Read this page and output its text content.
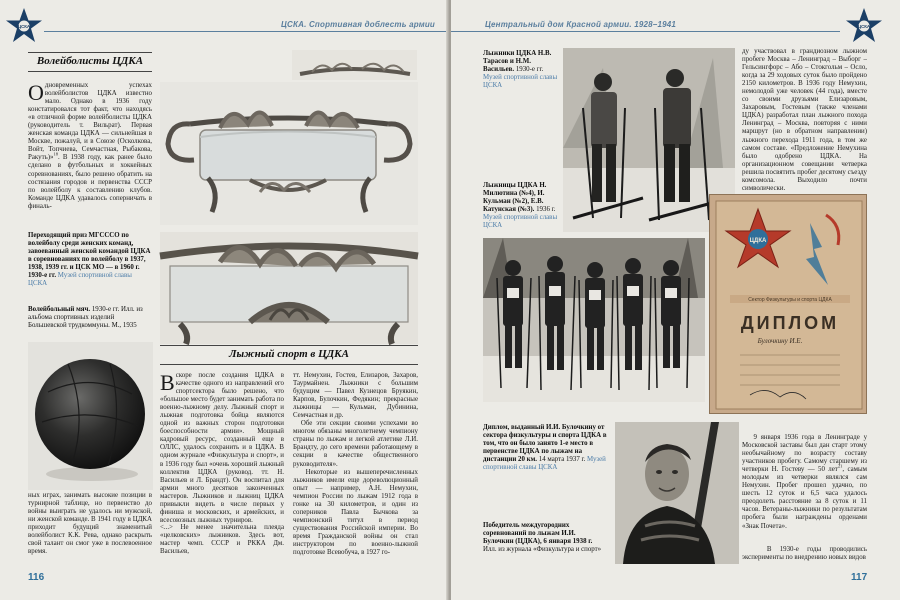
ЦСКА	ЦСКА. Спортивная доблесть армии
Волейболисты ЦДКА
Одновременных успехах волейболистов ЦДКА известно мало. Однако в 1936 году констатировался тот факт, что находясь «в отличной форме волейболисты ЦДКА (руководитель т. Вильрат). Первая женская команда ЦДКА — сильнейшая в Москве, пожалуй, и в Союзе (Осколкова, Войт, Топчиева, Семчастная, Рыбакова, Ракуть)»$^{18}$. В 1938 году, как ранее было сделано в футбольных и хоккейных соревнованиях, было решено обратить на состязания городов и первенства СССР по волейболу к составлению клубов. Команде ЦДКА удавалось соперничать в финаль-
Переходящий приз МГСССО по волейболу среди женских команд, завоеванный женской командой ЦДКА в соревнованиях по волейболу в 1937, 1938, 1939 гг. и ЦСК МО — в 1960 г. 1930-е гг. Музей спортивной славы ЦСКА
Волейбольный мяч. 1930-е гг. Илл. из альбома спортивных изделий Большевской трудкоммуны. М., 1935
ных играх, занимать высокие позиции в турнирной таблице, но первенство до войны выиграть не удалось ни мужской, ни женской команде. В 1941 году в ЦДКА приходит будущий знаменитый волейболист К.К. Рева, однако раскрыть свой талант он смог уже в послевоенное время.
Лыжный спорт в ЦДКА
Вскоре после создания ЦДКА в качестве одного из направлений его спортсектора было решено, что «большое место будет занимать работа по военно-лыжному делу. Лыжный спорт и лыжная подготовка бойца являются одной из важных сторон подготовки боеспособности армии». Мощный кадровый ресурс, созданный еще в ОЛЛС, удалось сохранить и в ЦДКА. В одном журнале «Физкультура и спорт», и в 1936 году был «очень хороший лыжный коллектив ЦДКА (руковод. тт. Н. Васильев и Л. Брандт). Он воспитал для армии много десятков законченных мастеров. Лыжников и лыжниц ЦДКА привыкли видеть в числе первых у финиша и московских, и армейских, и всесоюзных лыжных турниров.
<...> Не менее значительна плеяда «целковских» лыжников. Здесь вот, мастер чемп. СССР и РККА Дм. Васильев,
тт. Немухин, Гостев, Елизаров, Захаров, Таурмайнен. Лыжники с большим будущим — Павел Кузнецов Бруякин, Карпов, Булочкин, Федякин; прекрасные лыжницы — Кульман, Дубинина, Семчастная и др.
Обе эти секции своими успехами во многом обязаны многолетнему чемпиону страны по лыжам и легкой атлетике Л.И. Брандту, до сего времени работающему в секции в качестве общественного руководителя».
Некоторые из вышеперечисленных лыжников имели еще дореволюционный опыт — например, А.Н. Немухин, чемпион России по лыжам 1912 года в гонке на 30 километров, и один из соперников Павла Бычкова за чемпионский титул в период существования Российской империи. Во время Гражданской войны он стал инструктором по военно-лыжной подготовке Всевобуча, в 1927 го-
116
Центральный дом Красной армии. 1928–1941	ЦСКА
Лыжники ЦДКА Н.В. Тарасов и Н.М. Васильев. 1930-е гг.
Музей спортивной славы ЦСКА
ду участвовал в грандиозном лыжном пробеге Москва – Ленинград – Выборг – Гельсингфорс – Або – Стокгольм – Осло, когда за 29 ходовых суток было пройдено 2150 километров. В 1936 году Немухин, немолодой уже человек (44 года), вместе со своими друзьями Елизаровым, Захаровым, Гостевым (также членами ЦДКА) разработал план лыжного похода Ленинград – Москва, повторяя с ними маршрут (но в обратном направлении) лыжного перехода 1911 года, в том же самом составе. «Предложение Немухина было одобрено ЦДКА. На организационном совещании четверка решила посвятить пробег десятому съезду комсомола. Выходило почти символически.
Лыжницы ЦДКА Н. Милютина (№4), И. Кульман (№2), Е.В. Катунская (№3). 1936 г. Музей спортивной славы ЦСКА
ЦДКА
Сектор Физкультуры и спорта ЦДКА
ДИПЛОМ
Булочкину И.Е.
Диплом, выданный И.И. Булочкину от сектора физкультуры и спорта ЦДКА в том, что он было занято 1-е место в первенстве ЦДКА по лыжам на дистанции 20 км. 14 марта 1937 г. Музей спортивной славы ЦСКА
Победитель междугородних соревнований по лыжам И.И. Булочкин (ЦДКА), 6 января 1938 г. Илл. из журнала «Физкультура и спорт»
9 января 1936 года в Ленинграде у Московской заставы был дан старт этому необычайному по возрасту составу участников пробегу. Самому старшему из четверки Н. Гостеву — 50 лет$^{21}$, самым молодым из четверки являлся сам Немухин. Пробег прошел удачно, по шесть 12 суток и 6,5 часа удалось преодолеть расстояние за 8 суток и 11 часов. Ветераны-лыжники по результатам пробега были награждены орденами «Знак Почета».
В 1930-е годы проводились эксперименты по внедрению новых видов
117
